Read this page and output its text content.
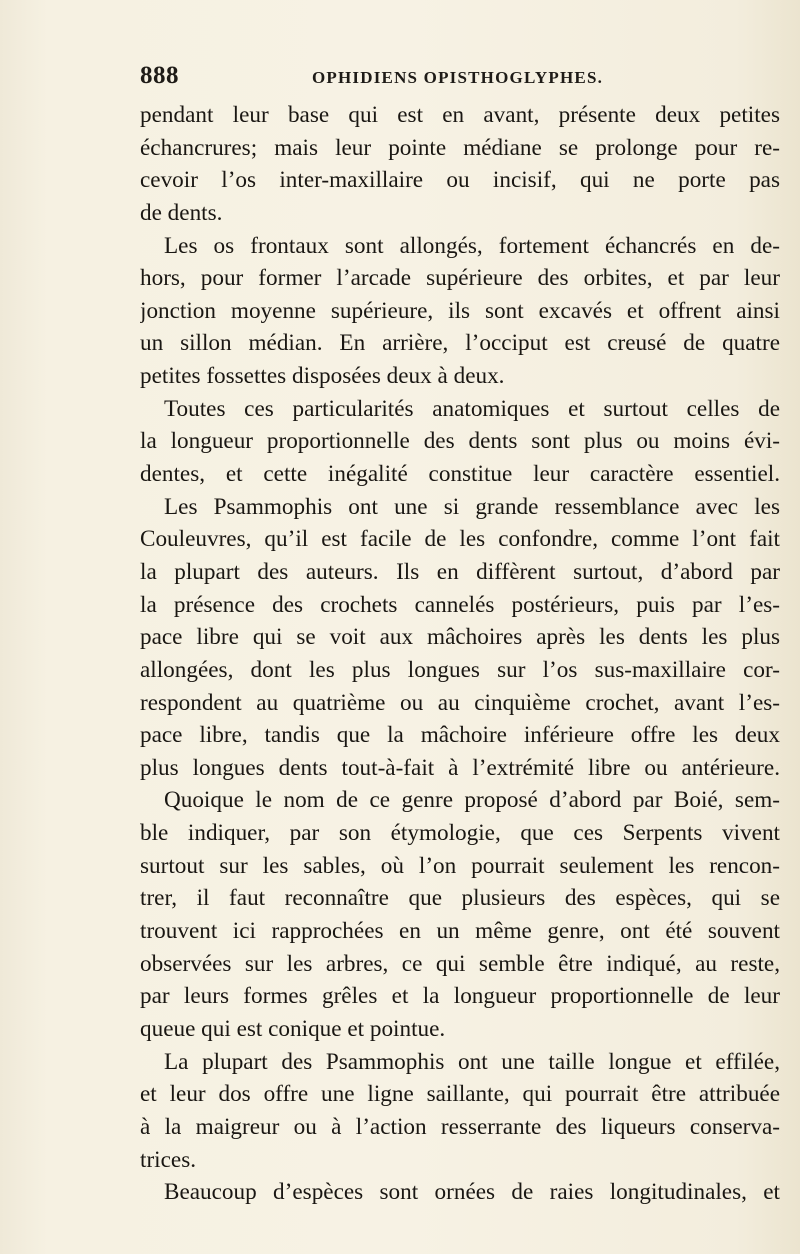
888	OPHIDIENS OPISTHOGLYPHES.
pendant leur base qui est en avant, présente deux petites
échancrures; mais leur pointe médiane se prolonge pour re-
cevoir l’os inter-maxillaire ou incisif, qui ne porte pas
de dents.
Les os frontaux sont allongés, fortement échancrés en de-
hors, pour former l’arcade supérieure des orbites, et par leur
jonction moyenne supérieure, ils sont excavés et offrent ainsi
un sillon médian. En arrière, l’occiput est creusé de quatre
petites fossettes disposées deux à deux.
Toutes ces particularités anatomiques et surtout celles de
la longueur proportionnelle des dents sont plus ou moins évi-
dentes, et cette inégalité constitue leur caractère essentiel.
Les Psammophis ont une si grande ressemblance avec les
Couleuvres, qu’il est facile de les confondre, comme l’ont fait
la plupart des auteurs. Ils en diffèrent surtout, d’abord par
la présence des crochets cannelés postérieurs, puis par l’es-
pace libre qui se voit aux mâchoires après les dents les plus
allongées, dont les plus longues sur l’os sus-maxillaire cor-
respondent au quatrième ou au cinquième crochet, avant l’es-
pace libre, tandis que la mâchoire inférieure offre les deux
plus longues dents tout-à-fait à l’extrémité libre ou antérieure.
Quoique le nom de ce genre proposé d’abord par Boié, sem-
ble indiquer, par son étymologie, que ces Serpents vivent
surtout sur les sables, où l’on pourrait seulement les rencon-
trer, il faut reconnaître que plusieurs des espèces, qui se
trouvent ici rapprochées en un même genre, ont été souvent
observées sur les arbres, ce qui semble être indiqué, au reste,
par leurs formes grêles et la longueur proportionnelle de leur
queue qui est conique et pointue.
La plupart des Psammophis ont une taille longue et effilée,
et leur dos offre une ligne saillante, qui pourrait être attribuée
à la maigreur ou à l’action resserrante des liqueurs conserva-
trices.
Beaucoup d’espèces sont ornées de raies longitudinales, et
